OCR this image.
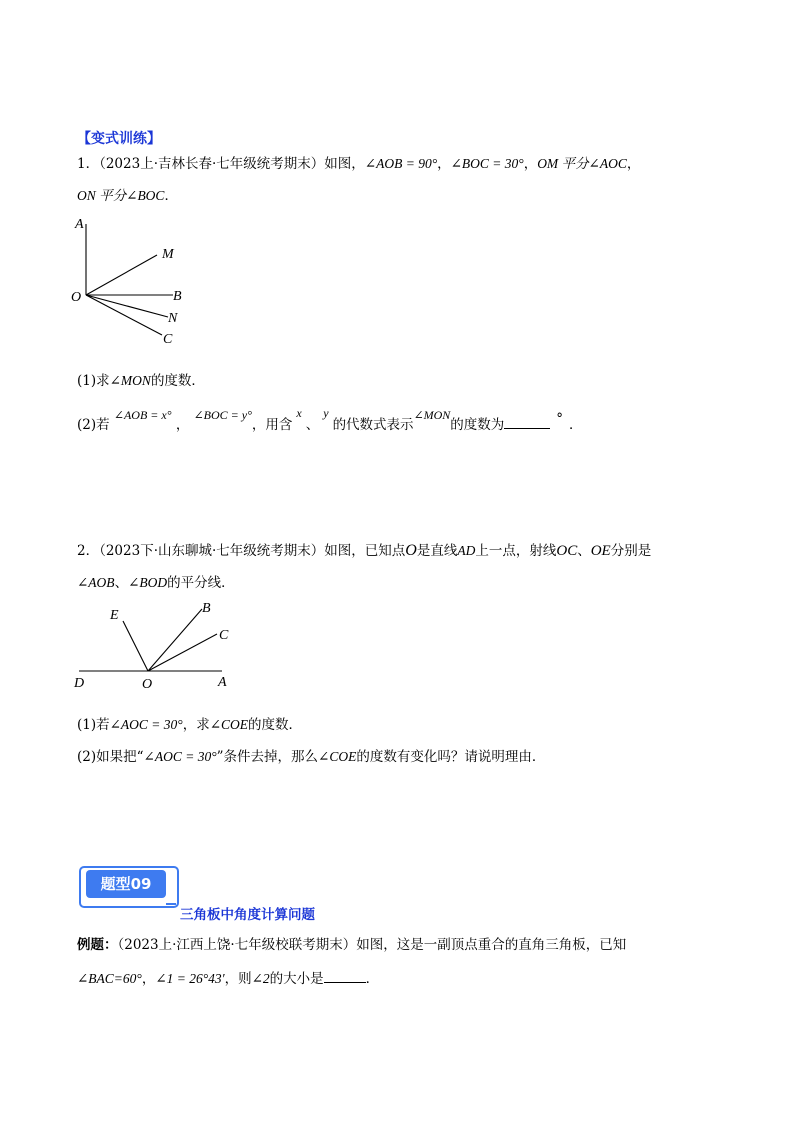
【变式训练】
1．（2023上·吉林长春·七年级统考期末）如图，∠AOB = 90°，∠BOC = 30°，OM 平分∠AOC，
ON 平分∠BOC．
A
M
O	B
N
C
(1)求∠MON的度数．
(2)若 ∠AOB = x° ， ∠BOC = y°，用含x、y的代数式表示∠MON的度数为	° ．
2．（2023下·山东聊城·七年级统考期末）如图，已知点O是直线AD上一点，射线OC、OE分别是
∠AOB、∠BOD的平分线．
E	B
C
D	O	A
(1)若∠AOC = 30°，求∠COE的度数．
(2)如果把“∠AOC = 30°”条件去掉，那么∠COE的度数有变化吗？请说明理由．
题型09
三角板中角度计算问题
例题：（2023上·江西上饶·七年级校联考期末）如图，这是一副顶点重合的直角三角板，已知
∠BAC=60°，∠1 = 26°43′，则∠2的大小是	．
